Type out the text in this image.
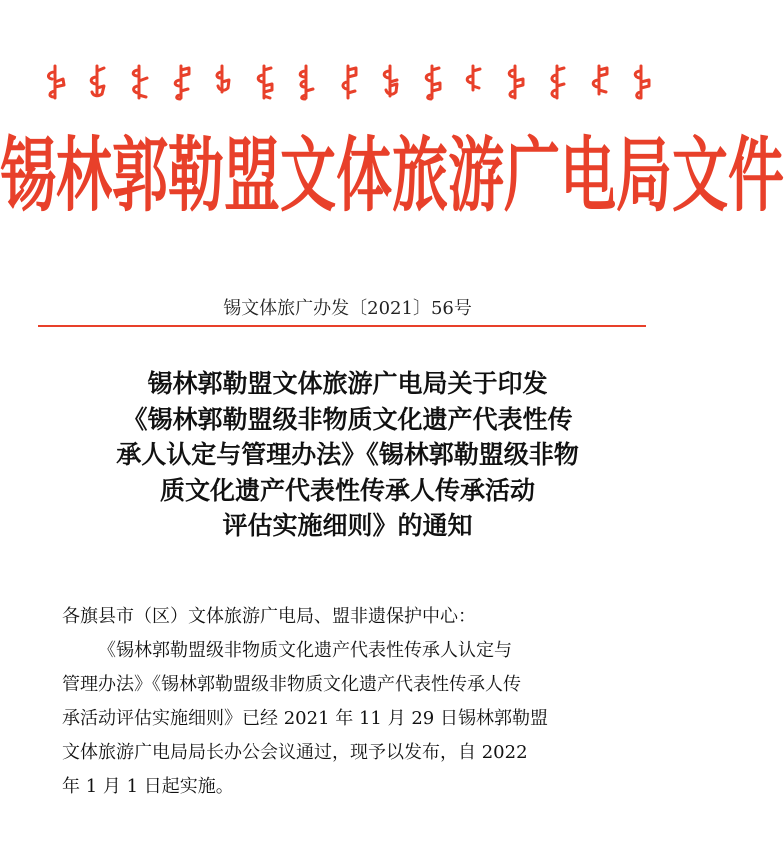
锡林郭勒盟文体旅游广电局文件
锡文体旅广办发〔2021〕56号
锡林郭勒盟文体旅游广电局关于印发
《锡林郭勒盟级非物质文化遗产代表性传
承人认定与管理办法》《锡林郭勒盟级非物
质文化遗产代表性传承人传承活动
评估实施细则》的通知
各旗县市（区）文体旅游广电局、盟非遗保护中心：
《锡林郭勒盟级非物质文化遗产代表性传承人认定与
管理办法》《锡林郭勒盟级非物质文化遗产代表性传承人传
承活动评估实施细则》已经 2021 年 11 月 29 日锡林郭勒盟
文体旅游广电局局长办公会议通过，现予以发布，自 2022
年 1 月 1 日起实施。
